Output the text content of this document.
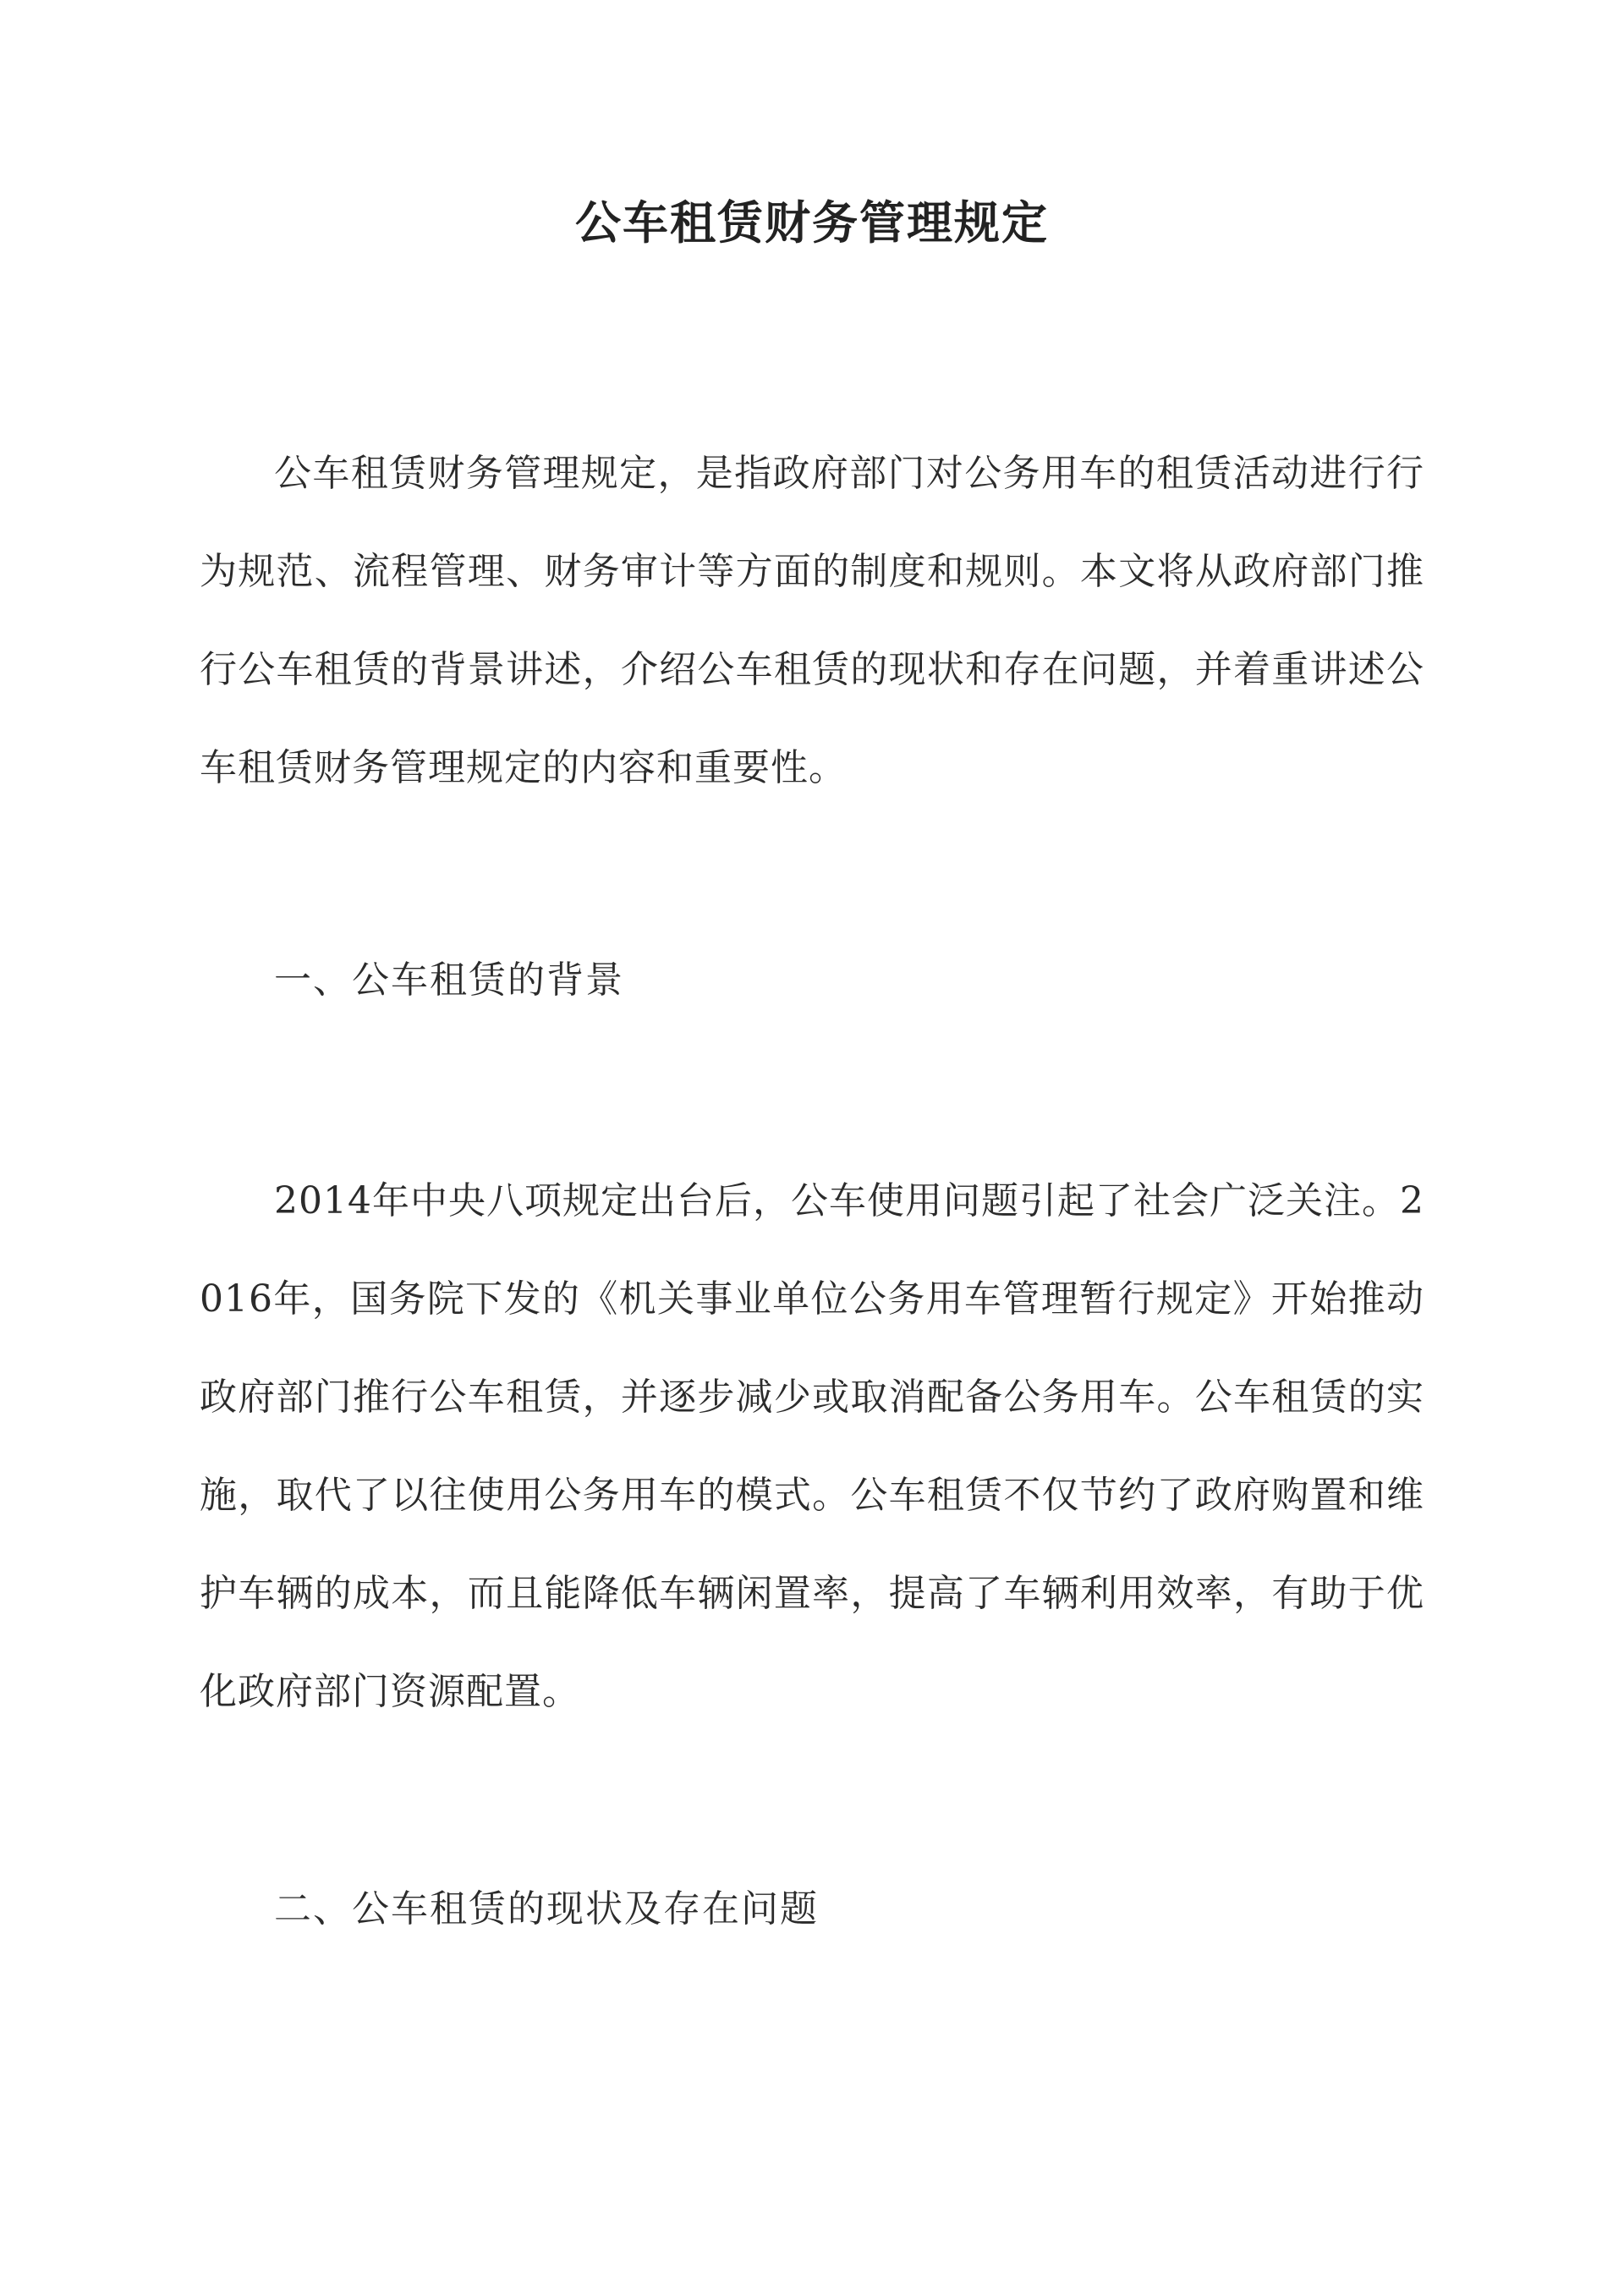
公车租赁财务管理规定

公车租赁财务管理规定，是指政府部门对公务用车的租赁活动进行行为规范、流程管理、财务审计等方面的制度和规则。本文将从政府部门推行公车租赁的背景讲述，介绍公车租赁的现状和存在问题，并着重讲述公车租赁财务管理规定的内容和重要性。

一、公车租赁的背景

2014年中央八项规定出台后，公车使用问题引起了社会广泛关注。2016年，国务院下发的《机关事业单位公务用车管理暂行规定》开始推动政府部门推行公车租赁，并逐步减少或取消配备公务用车。公车租赁的实施，取代了以往使用公务用车的模式。公车租赁不仅节约了政府购置和维护车辆的成本，而且能降低车辆闲置率，提高了车辆利用效率，有助于优化政府部门资源配置。

二、公车租赁的现状及存在问题
